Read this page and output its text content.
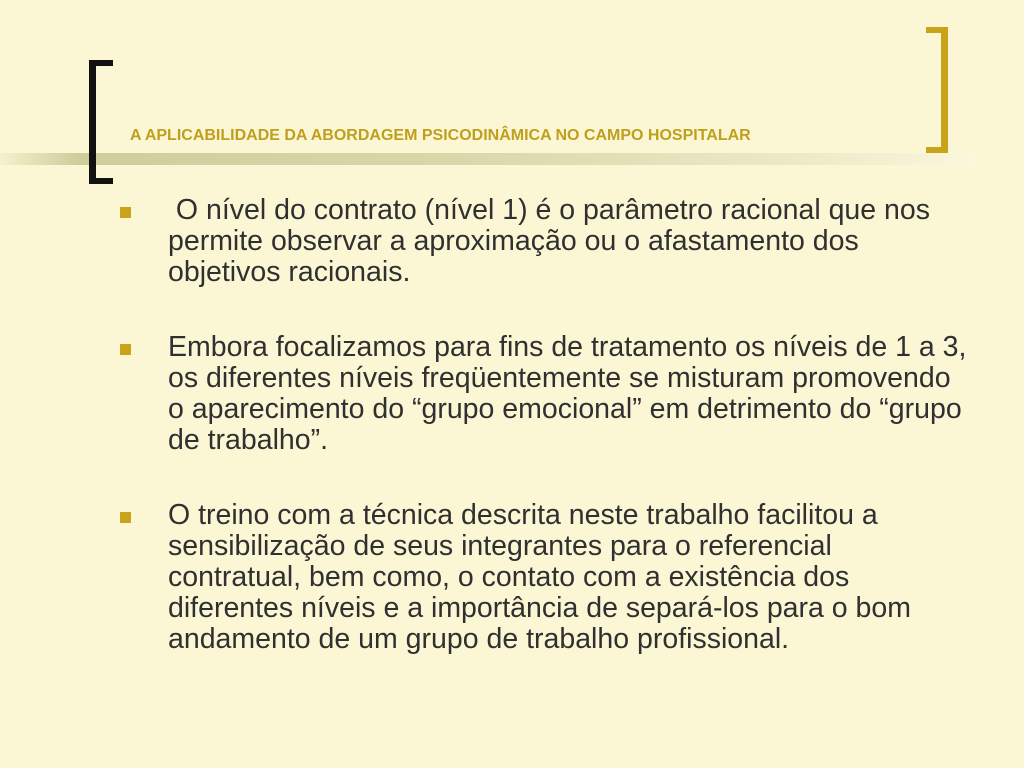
A APLICABILIDADE DA ABORDAGEM PSICODINÂMICA NO CAMPO HOSPITALAR
O nível do contrato (nível 1) é o parâmetro racional que nos permite observar a aproximação ou o afastamento dos objetivos racionais.
Embora focalizamos para fins de tratamento os níveis de 1 a 3, os diferentes níveis freqüentemente se misturam promovendo o aparecimento do “grupo emocional” em detrimento do “grupo de trabalho”.
O treino com a técnica descrita neste trabalho facilitou a sensibilização de seus integrantes para o referencial contratual, bem como, o contato com a existência dos diferentes níveis e a importância de separá-los para o bom andamento de um grupo de trabalho profissional.
